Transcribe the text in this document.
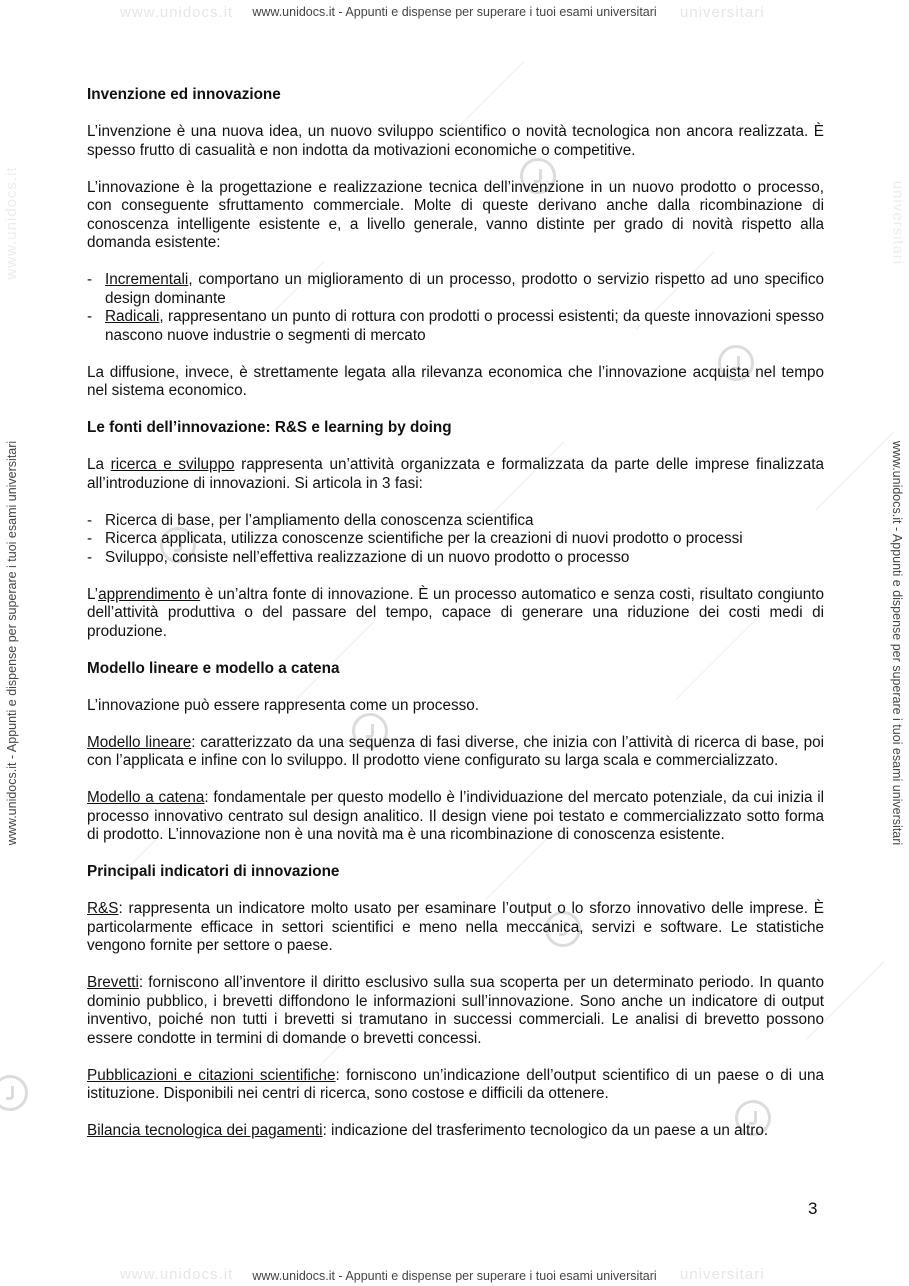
www.unidocs.it	universitari
www.unidocs.it	universitari
www.unidocs.it	universitari
www.unidocs.it - Appunti e dispense per superare i tuoi esami universitari
www.unidocs.it - Appunti e dispense per superare i tuoi esami universitari
www.unidocs.it - Appunti e dispense per superare i tuoi esami universitari	www.unidocs.it - Appunti e dispense per superare i tuoi esami universitari
Invenzione ed innovazione

L’invenzione è una nuova idea, un nuovo sviluppo scientifico o novità tecnologica non ancora realizzata. È spesso frutto di casualità e non indotta da motivazioni economiche o competitive.

L’innovazione è la progettazione e realizzazione tecnica dell’invenzione in un nuovo prodotto o processo, con conseguente sfruttamento commerciale. Molte di queste derivano anche dalla ricombinazione di conoscenza intelligente esistente e, a livello generale, vanno distinte per grado di novità rispetto alla domanda esistente:

- Incrementali, comportano un miglioramento di un processo, prodotto o servizio rispetto ad uno specifico design dominante
- Radicali, rappresentano un punto di rottura con prodotti o processi esistenti; da queste innovazioni spesso nascono nuove industrie o segmenti di mercato

La diffusione, invece, è strettamente legata alla rilevanza economica che l’innovazione acquista nel tempo nel sistema economico.

Le fonti dell’innovazione: R&S e learning by doing

La ricerca e sviluppo rappresenta un’attività organizzata e formalizzata da parte delle imprese finalizzata all’introduzione di innovazioni. Si articola in 3 fasi:

- Ricerca di base, per l’ampliamento della conoscenza scientifica
- Ricerca applicata, utilizza conoscenze scientifiche per la creazioni di nuovi prodotto o processi
- Sviluppo, consiste nell’effettiva realizzazione di un nuovo prodotto o processo

L’apprendimento è un’altra fonte di innovazione. È un processo automatico e senza costi, risultato congiunto dell’attività produttiva o del passare del tempo, capace di generare una riduzione dei costi medi di produzione.

Modello lineare e modello a catena

L’innovazione può essere rappresenta come un processo.

Modello lineare: caratterizzato da una sequenza di fasi diverse, che inizia con l’attività di ricerca di base, poi con l’applicata e infine con lo sviluppo. Il prodotto viene configurato su larga scala e commercializzato.

Modello a catena: fondamentale per questo modello è l’individuazione del mercato potenziale, da cui inizia il processo innovativo centrato sul design analitico. Il design viene poi testato e commercializzato sotto forma di prodotto. L’innovazione non è una novità ma è una ricombinazione di conoscenza esistente.

Principali indicatori di innovazione

R&S: rappresenta un indicatore molto usato per esaminare l’output o lo sforzo innovativo delle imprese. È particolarmente efficace in settori scientifici e meno nella meccanica, servizi e software. Le statistiche vengono fornite per settore o paese.

Brevetti: forniscono all’inventore il diritto esclusivo sulla sua scoperta per un determinato periodo. In quanto dominio pubblico, i brevetti diffondono le informazioni sull’innovazione. Sono anche un indicatore di output inventivo, poiché non tutti i brevetti si tramutano in successi commerciali. Le analisi di brevetto possono essere condotte in termini di domande o brevetti concessi.

Pubblicazioni e citazioni scientifiche: forniscono un’indicazione dell’output scientifico di un paese o di una istituzione. Disponibili nei centri di ricerca, sono costose e difficili da ottenere.

Bilancia tecnologica dei pagamenti: indicazione del trasferimento tecnologico da un paese a un altro.

3
